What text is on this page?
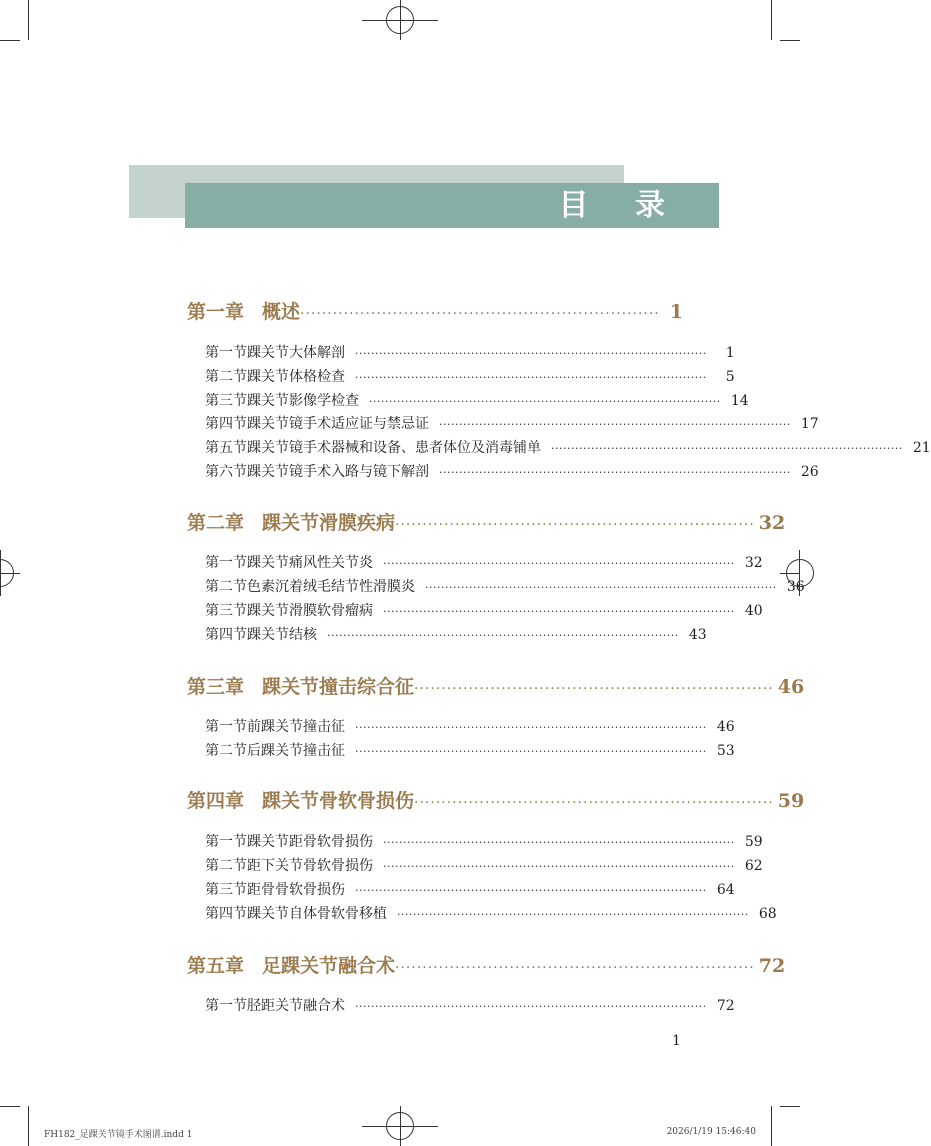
目 录
第一章 概述 ·································································· 1
第一节 踝关节大体解剖 ························································································	1
第二节 踝关节体格检查 ························································································	5
第三节 踝关节影像学检查 ························································································ 14
第四节 踝关节镜手术适应证与禁忌证 ························································································ 17
第五节 踝关节镜手术器械和设备、患者体位及消毒铺单 ························································································ 21
第六节 踝关节镜手术入路与镜下解剖 ························································································ 26
第二章 踝关节滑膜疾病 ·································································· 32
第一节 踝关节痛风性关节炎 ························································································ 32
第二节 色素沉着绒毛结节性滑膜炎 ························································································ 36
第三节 踝关节滑膜软骨瘤病 ························································································ 40
第四节 踝关节结核 ························································································ 43
第三章 踝关节撞击综合征 ·································································· 46
第一节 前踝关节撞击征 ························································································ 46
第二节 后踝关节撞击征 ························································································ 53
第四章 踝关节骨软骨损伤 ·································································· 59
第一节 踝关节距骨软骨损伤 ························································································ 59
第二节 距下关节骨软骨损伤 ························································································ 62
第三节 距骨骨软骨损伤 ························································································ 64
第四节 踝关节自体骨软骨移植 ························································································ 68
第五章 足踝关节融合术 ·································································· 72
第一节 胫距关节融合术 ························································································ 72
1
FH182_足踝关节镜手术图谱.indd 1	2026/1/19 15:46:40
